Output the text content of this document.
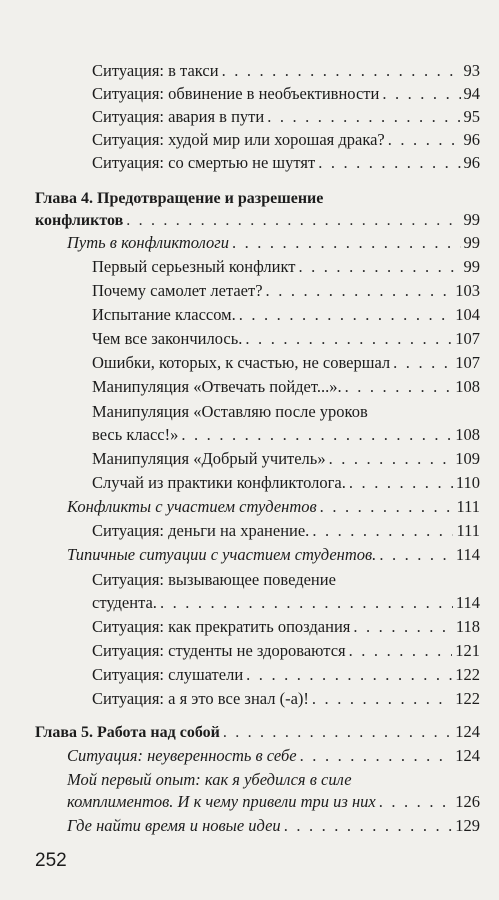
Ситуация: в такси . . .	93
Ситуация: обвинение в необъективности . . .	94
Ситуация: авария в пути . . .	95
Ситуация: худой мир или хорошая драка? . . .	96
Ситуация: со смертью не шутят . . .	96
Глава 4. Предотвращение и разрешение
конфликтов . . .	99
Путь в конфликтологи . . .	99
Первый серьезный конфликт . . .	99
Почему самолет летает? . . .	103
Испытание классом. . . .	104
Чем все закончилось. . . .	107
Ошибки, которых, к счастью, не совершал . . .	107
Манипуляция «Отвечать пойдет...». . . .	108
Манипуляция «Оставляю после уроков
весь класс!» . . .	108
Манипуляция «Добрый учитель» . . .	109
Случай из практики конфликтолога. . . .	110
Конфликты с участием студентов . . .	111
Ситуация: деньги на хранение. . . .	111
Типичные ситуации с участием студентов. . . .	114
Ситуация: вызывающее поведение
студента. . . .	114
Ситуация: как прекратить опоздания . . .	118
Ситуация: студенты не здороваются . . .	121
Ситуация: слушатели . . .	122
Ситуация: а я это все знал (-а)! . . .	122
Глава 5. Работа над собой . . .	124
Ситуация: неуверенность в себе . . .	124
Мой первый опыт: как я убедился в силе
комплиментов. И к чему привели три из них . . .	126
Где найти время и новые идеи . . .	129
252
